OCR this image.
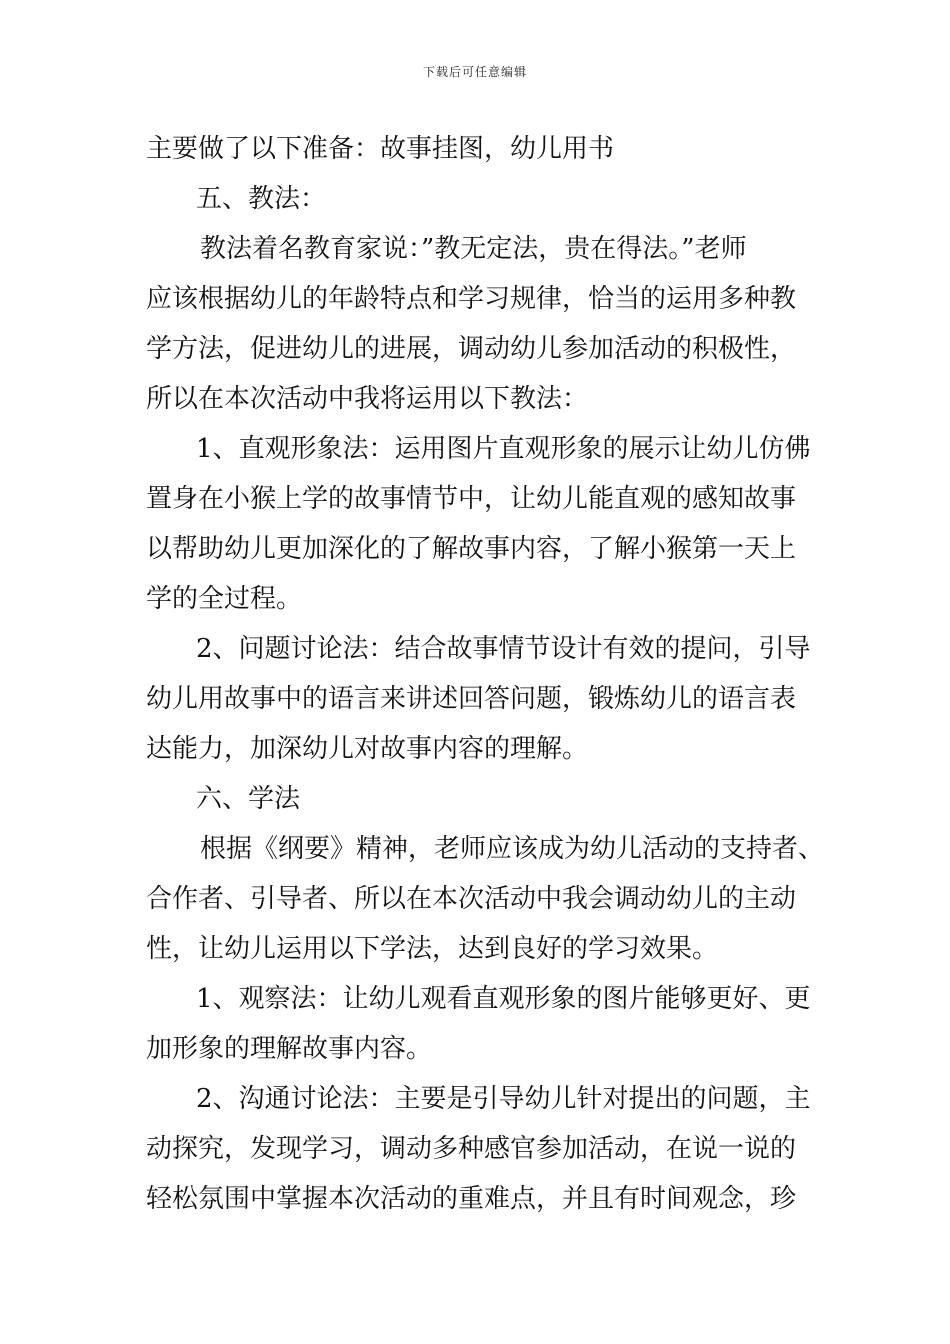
下载后可任意编辑
主要做了以下准备：故事挂图，幼儿用书
五、教法：
教法着名教育家说：”教无定法，贵在得法。”老师
应该根据幼儿的年龄特点和学习规律，恰当的运用多种教
学方法，促进幼儿的进展，调动幼儿参加活动的积极性，
所以在本次活动中我将运用以下教法：
1、直观形象法：运用图片直观形象的展示让幼儿仿佛
置身在小猴上学的故事情节中，让幼儿能直观的感知故事
以帮助幼儿更加深化的了解故事内容，了解小猴第一天上
学的全过程。
2、问题讨论法：结合故事情节设计有效的提问，引导
幼儿用故事中的语言来讲述回答问题，锻炼幼儿的语言表
达能力，加深幼儿对故事内容的理解。
六、学法
根据《纲要》精神，老师应该成为幼儿活动的支持者、
合作者、引导者、所以在本次活动中我会调动幼儿的主动
性，让幼儿运用以下学法，达到良好的学习效果。
1、观察法：让幼儿观看直观形象的图片能够更好、更
加形象的理解故事内容。
2、沟通讨论法：主要是引导幼儿针对提出的问题，主
动探究，发现学习，调动多种感官参加活动，在说一说的
轻松氛围中掌握本次活动的重难点，并且有时间观念，珍
